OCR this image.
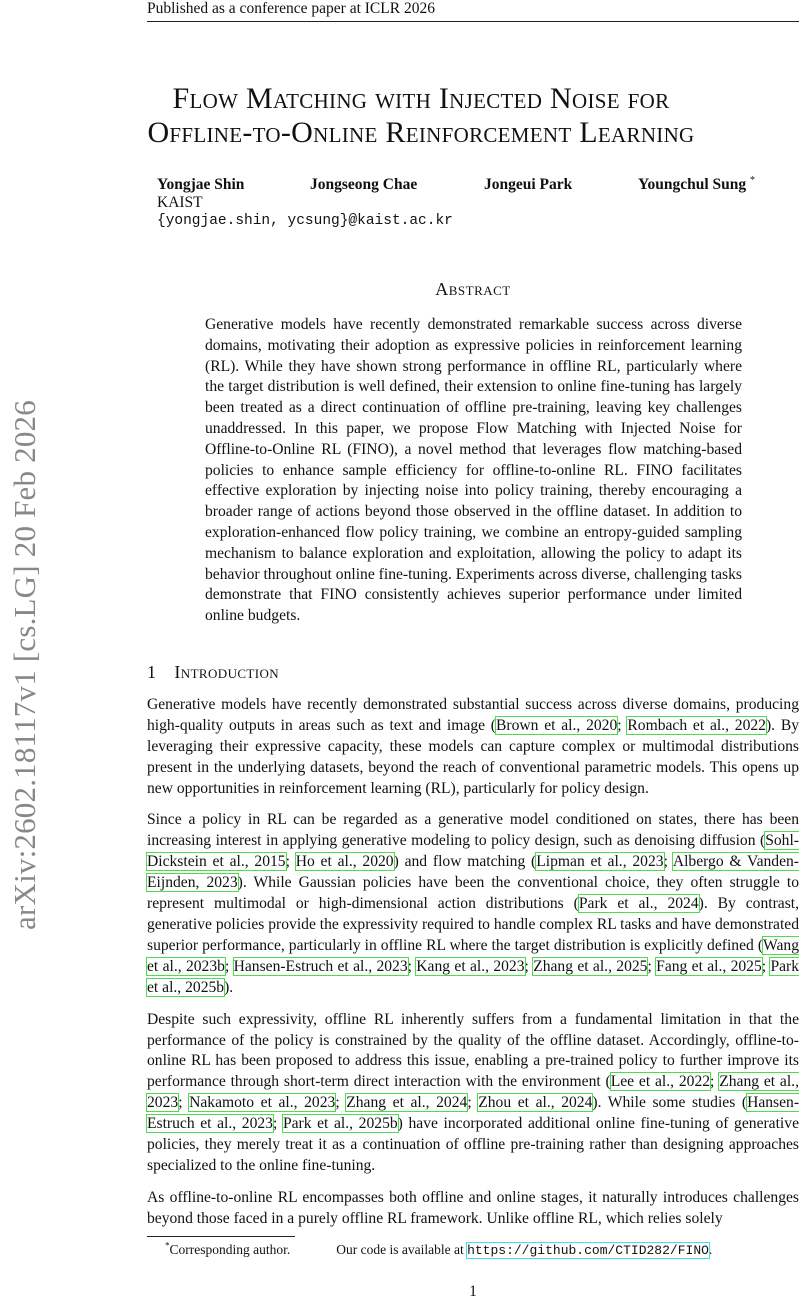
Published as a conference paper at ICLR 2026
arXiv:2602.18117v1 [cs.LG] 20 Feb 2026
Flow Matching with Injected Noise for
Offline-to-Online Reinforcement Learning
Yongjae Shin	Jongseong Chae	Jongeui Park	Youngchul Sung *
KAIST
{yongjae.shin, ycsung}@kaist.ac.kr
Abstract
Generative models have recently demonstrated remarkable success across diverse domains, motivating their adoption as expressive policies in reinforcement learning (RL). While they have shown strong performance in offline RL, particularly where the target distribution is well defined, their extension to online fine-tuning has largely been treated as a direct continuation of offline pre-training, leaving key challenges unaddressed. In this paper, we propose Flow Matching with Injected Noise for Offline-to-Online RL (FINO), a novel method that leverages flow matching-based policies to enhance sample efficiency for offline-to-online RL. FINO facilitates effective exploration by injecting noise into policy training, thereby encouraging a broader range of actions beyond those observed in the offline dataset. In addition to exploration-enhanced flow policy training, we combine an entropy-guided sampling mechanism to balance exploration and exploitation, allowing the policy to adapt its behavior throughout online fine-tuning. Experiments across diverse, challenging tasks demonstrate that FINO consistently achieves superior performance under limited online budgets.
1 Introduction
Generative models have recently demonstrated substantial success across diverse domains, producing high-quality outputs in areas such as text and image (Brown et al., 2020; Rombach et al., 2022). By leveraging their expressive capacity, these models can capture complex or multimodal distributions present in the underlying datasets, beyond the reach of conventional parametric models. This opens up new opportunities in reinforcement learning (RL), particularly for policy design.
Since a policy in RL can be regarded as a generative model conditioned on states, there has been increasing interest in applying generative modeling to policy design, such as denoising diffusion (Sohl-Dickstein et al., 2015; Ho et al., 2020) and flow matching (Lipman et al., 2023; Albergo & Vanden-Eijnden, 2023). While Gaussian policies have been the conventional choice, they often struggle to represent multimodal or high-dimensional action distributions (Park et al., 2024). By contrast, generative policies provide the expressivity required to handle complex RL tasks and have demonstrated superior performance, particularly in offline RL where the target distribution is explicitly defined (Wang et al., 2023b; Hansen-Estruch et al., 2023; Kang et al., 2023; Zhang et al., 2025; Fang et al., 2025; Park et al., 2025b).
Despite such expressivity, offline RL inherently suffers from a fundamental limitation in that the performance of the policy is constrained by the quality of the offline dataset. Accordingly, offline-to-online RL has been proposed to address this issue, enabling a pre-trained policy to further improve its performance through short-term direct interaction with the environment (Lee et al., 2022; Zhang et al., 2023; Nakamoto et al., 2023; Zhang et al., 2024; Zhou et al., 2024). While some studies (Hansen-Estruch et al., 2023; Park et al., 2025b) have incorporated additional online fine-tuning of generative policies, they merely treat it as a continuation of offline pre-training rather than designing approaches specialized to the online fine-tuning.
As offline-to-online RL encompasses both offline and online stages, it naturally introduces challenges beyond those faced in a purely offline RL framework. Unlike offline RL, which relies solely
*Corresponding author.	Our code is available at https://github.com/CTID282/FINO.
1
